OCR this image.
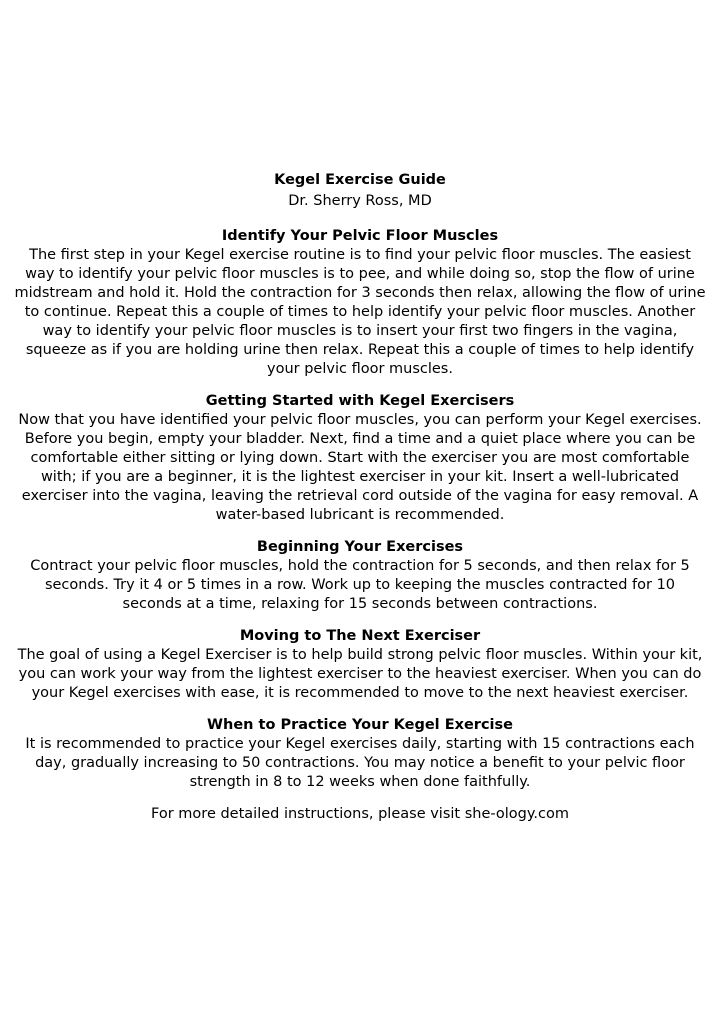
Kegel Exercise Guide
Dr. Sherry Ross, MD
Identify Your Pelvic Floor Muscles

The first step in your Kegel exercise routine is to find your pelvic floor muscles. The easiest way to identify your pelvic floor muscles is to pee, and while doing so, stop the flow of urine midstream and hold it. Hold the contraction for 3 seconds then relax, allowing the flow of urine to continue. Repeat this a couple of times to help identify your pelvic floor muscles. Another way to identify your pelvic floor muscles is to insert your first two fingers in the vagina, squeeze as if you are holding urine then relax. Repeat this a couple of times to help identify your pelvic floor muscles.

Getting Started with Kegel Exercisers

Now that you have identified your pelvic floor muscles, you can perform your Kegel exercises. Before you begin, empty your bladder. Next, find a time and a quiet place where you can be comfortable either sitting or lying down. Start with the exerciser you are most comfortable with; if you are a beginner, it is the lightest exerciser in your kit. Insert a well-lubricated exerciser into the vagina, leaving the retrieval cord outside of the vagina for easy removal. A water-based lubricant is recommended.

Beginning Your Exercises

Contract your pelvic floor muscles, hold the contraction for 5 seconds, and then relax for 5 seconds. Try it 4 or 5 times in a row. Work up to keeping the muscles contracted for 10 seconds at a time, relaxing for 15 seconds between contractions.

Moving to The Next Exerciser

The goal of using a Kegel Exerciser is to help build strong pelvic floor muscles. Within your kit, you can work your way from the lightest exerciser to the heaviest exerciser. When you can do your Kegel exercises with ease, it is recommended to move to the next heaviest exerciser.

When to Practice Your Kegel Exercise

It is recommended to practice your Kegel exercises daily, starting with 15 contractions each day, gradually increasing to 50 contractions. You may notice a benefit to your pelvic floor strength in 8 to 12 weeks when done faithfully.

For more detailed instructions, please visit she-ology.com
